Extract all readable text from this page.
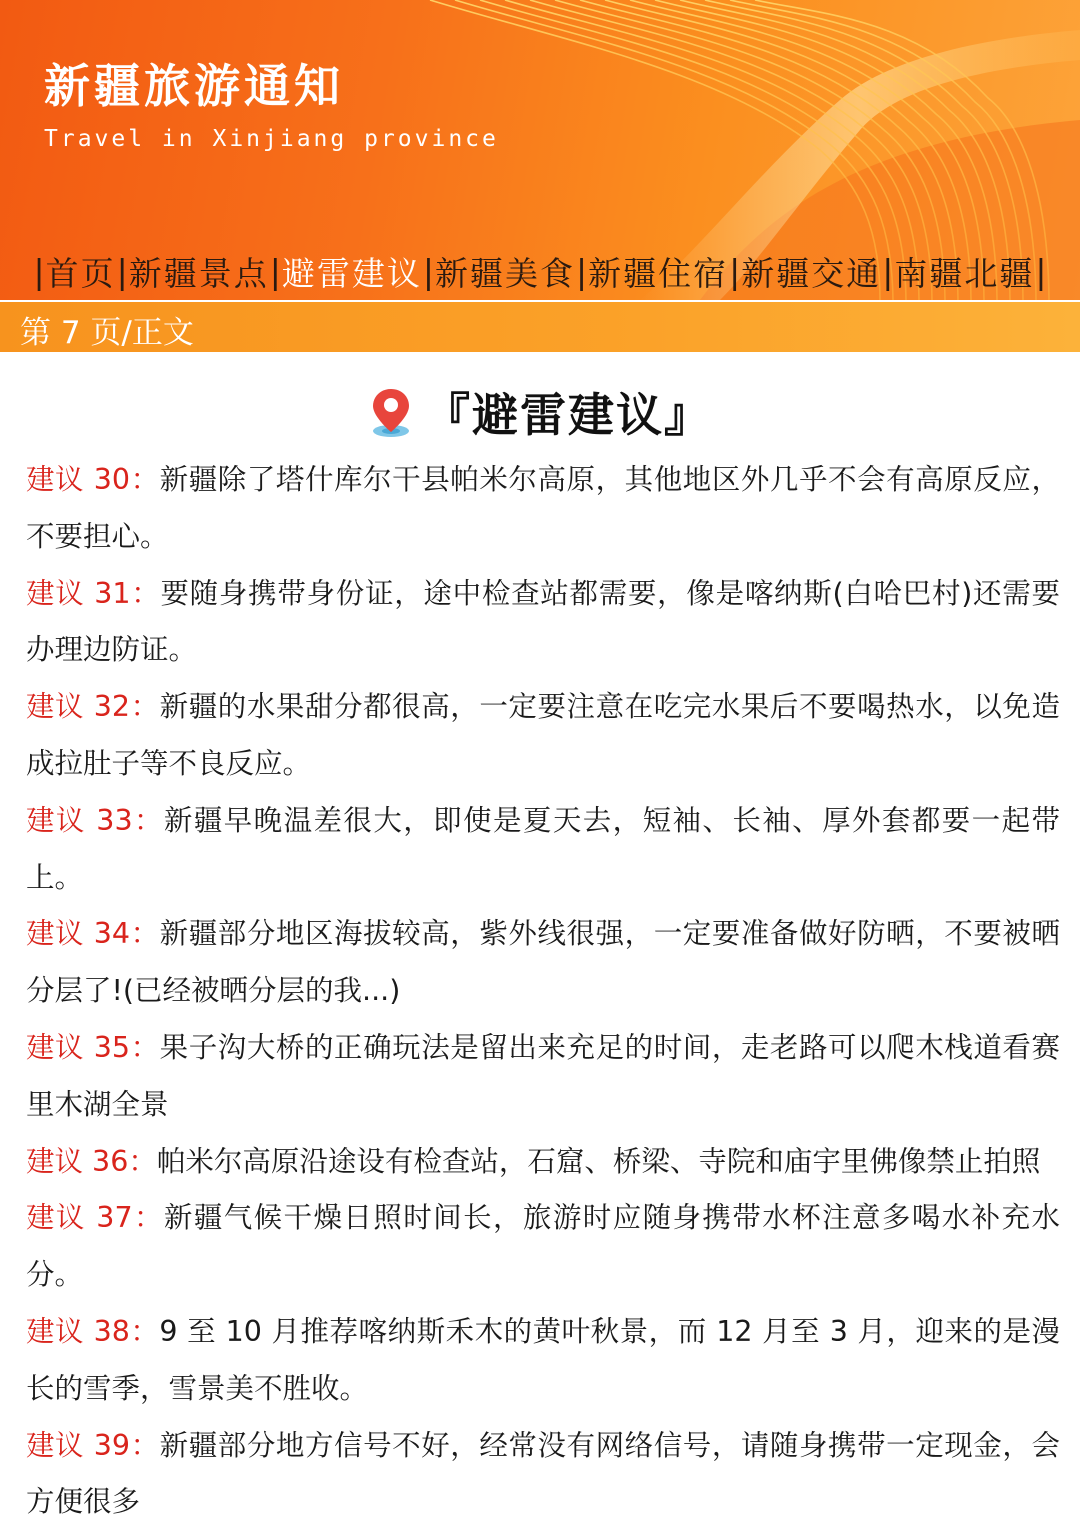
新疆旅游通知
Travel in Xinjiang province
| 首页 | 新疆景点 | 避雷建议 | 新疆美食 | 新疆住宿 | 新疆交通 | 南疆北疆 |
第 7 页/正文
『避雷建议』

建议 30：新疆除了塔什库尔干县帕米尔高原，其他地区外几乎不会有高原反应，不要担心。

建议 31：要随身携带身份证，途中检查站都需要，像是喀纳斯(白哈巴村)还需要办理边防证。

建议 32：新疆的水果甜分都很高，一定要注意在吃完水果后不要喝热水，以免造成拉肚子等不良反应。

建议 33：新疆早晚温差很大，即使是夏天去，短袖、长袖、厚外套都要一起带上。

建议 34：新疆部分地区海拔较高，紫外线很强，一定要准备做好防晒，不要被晒分层了!(已经被晒分层的我...)

建议 35：果子沟大桥的正确玩法是留出来充足的时间，走老路可以爬木栈道看赛里木湖全景

建议 36：帕米尔高原沿途设有检查站，石窟、桥梁、寺院和庙宇里佛像禁止拍照

建议 37：新疆气候干燥日照时间长，旅游时应随身携带水杯注意多喝水补充水分。

建议 38：9 至 10 月推荐喀纳斯禾木的黄叶秋景，而 12 月至 3 月，迎来的是漫长的雪季，雪景美不胜收。

建议 39：新疆部分地方信号不好，经常没有网络信号，请随身携带一定现金，会方便很多
